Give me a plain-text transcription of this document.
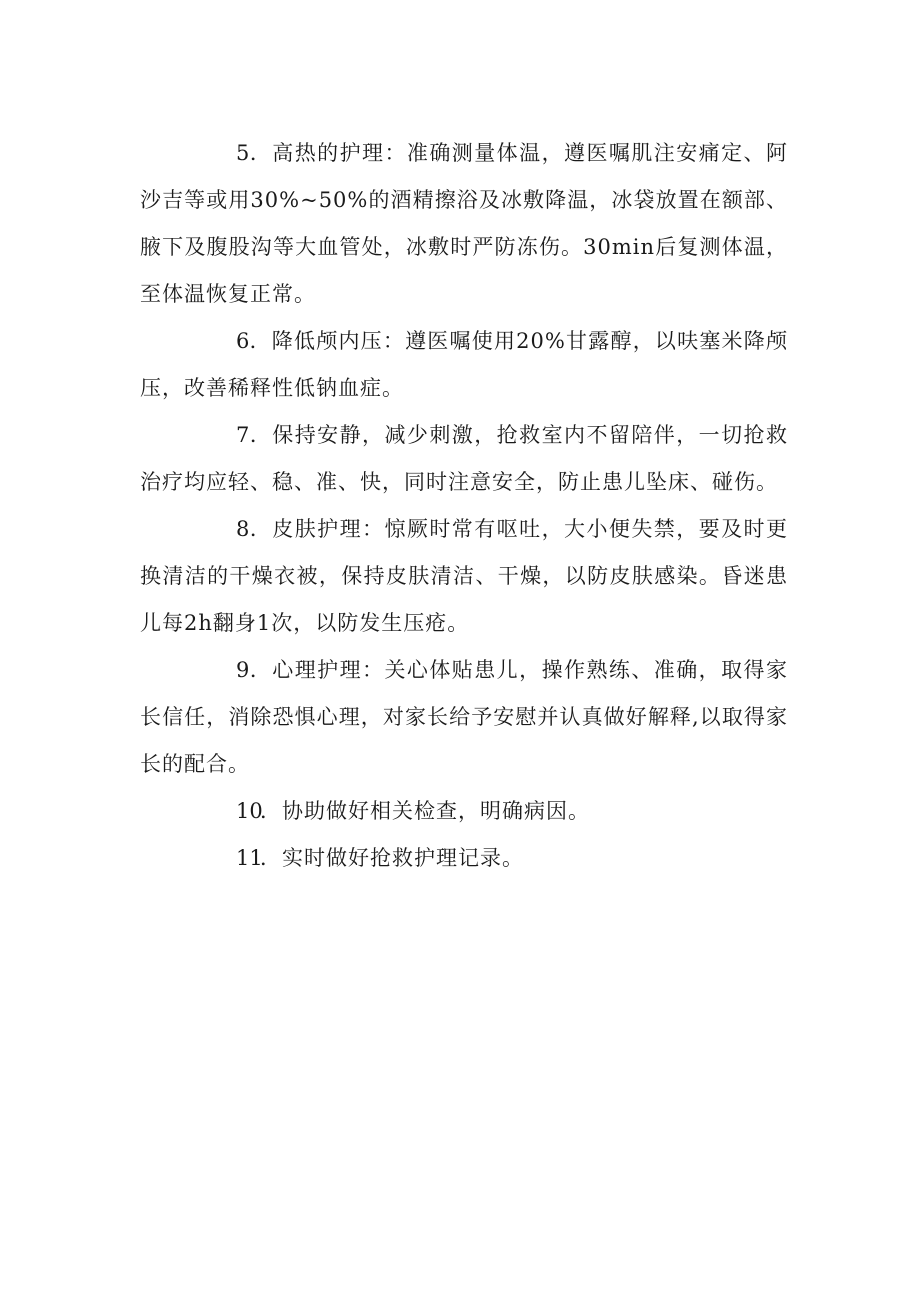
5．高热的护理：准确测量体温，遵医嘱肌注安痛定、阿沙吉等或用30%~50%的酒精擦浴及冰敷降温，冰袋放置在额部、腋下及腹股沟等大血管处，冰敷时严防冻伤。30min后复测体温，至体温恢复正常。

6．降低颅内压：遵医嘱使用20%甘露醇，以呋塞米降颅压，改善稀释性低钠血症。

7．保持安静，减少刺激，抢救室内不留陪伴，一切抢救治疗均应轻、稳、准、快，同时注意安全，防止患儿坠床、碰伤。

8．皮肤护理：惊厥时常有呕吐，大小便失禁，要及时更换清洁的干燥衣被，保持皮肤清洁、干燥，以防皮肤感染。昏迷患儿每2h翻身1次，以防发生压疮。

9．心理护理：关心体贴患儿，操作熟练、准确，取得家长信任，消除恐惧心理，对家长给予安慰并认真做好解释,以取得家长的配合。

10．协助做好相关检查，明确病因。

11．实时做好抢救护理记录。
